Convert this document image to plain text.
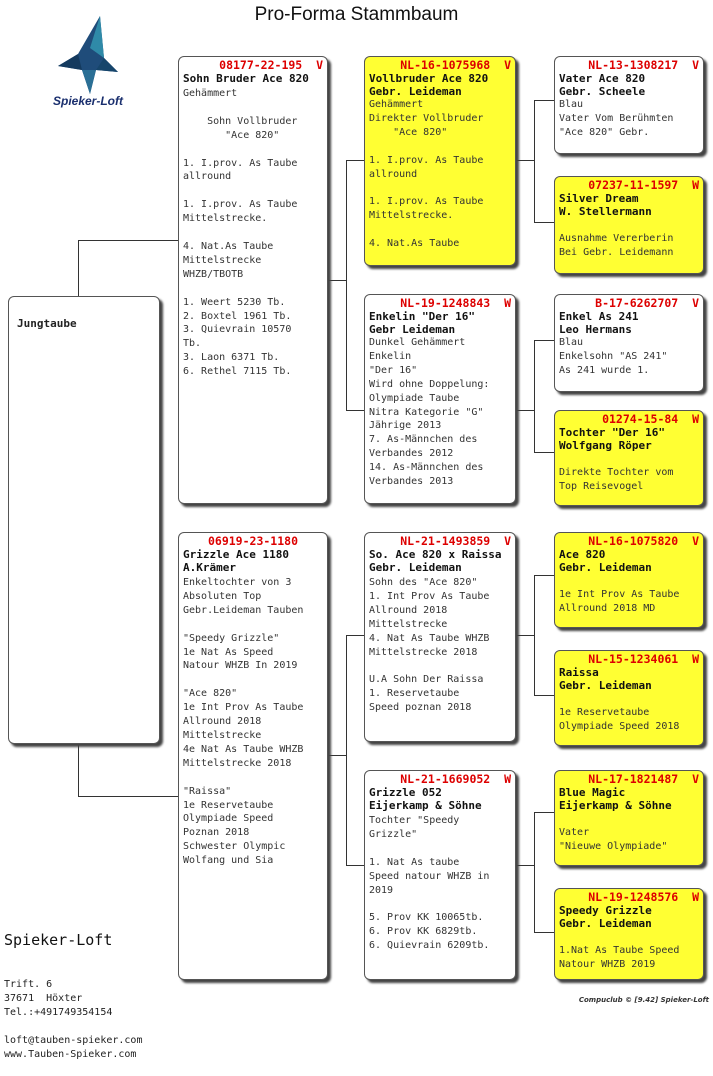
Pro-Forma Stammbaum
Spieker-Loft
Jungtaube
08177-22-195  V
Sohn Bruder Ace 820
Gehämmert

Sohn Vollbruder
"Ace 820"

1. I.prov. As Taube
allround

1. I.prov. As Taube
Mittelstrecke.

4. Nat.As Taube
Mittelstrecke
WHZB/TBOTB

1. Weert 5230 Tb.
2. Boxtel 1961 Tb.
3. Quievrain 10570
Tb.
3. Laon 6371 Tb.
6. Rethel 7115 Tb.
06919-23-1180
Grizzle Ace 1180
A.Krämer
Enkeltochter von 3
Absoluten Top
Gebr.Leideman Tauben

"Speedy Grizzle"
1e Nat As Speed
Natour WHZB In 2019

"Ace 820"
1e Int Prov As Taube
Allround 2018
Mittelstrecke
4e Nat As Taube WHZB
Mittelstrecke 2018

"Raissa"
1e Reservetaube
Olympiade Speed
Poznan 2018
Schwester Olympic
Wolfang und Sia
NL-16-1075968  V
Vollbruder Ace 820
Gebr. Leideman
Gehämmert
Direkter Vollbruder
"Ace 820"

1. I.prov. As Taube
allround

1. I.prov. As Taube
Mittelstrecke.

4. Nat.As Taube
NL-19-1248843  W
Enkelin "Der 16"
Gebr Leideman
Dunkel Gehämmert
Enkelin
"Der 16"
Wird ohne Doppelung:
Olympiade Taube
Nitra Kategorie "G"
Jährige 2013
7. As-Männchen des
Verbandes 2012
14. As-Männchen des
Verbandes 2013
NL-21-1493859  V
So. Ace 820 x Raissa
Gebr. Leideman
Sohn des "Ace 820"
1. Int Prov As Taube
Allround 2018
Mittelstrecke
4. Nat As Taube WHZB
Mittelstrecke 2018

U.A Sohn Der Raissa
1. Reservetaube
Speed poznan 2018
NL-21-1669052  W
Grizzle 052
Eijerkamp & Söhne
Tochter "Speedy
Grizzle"

1. Nat As taube
Speed natour WHZB in
2019

5. Prov KK 10065tb.
6. Prov KK 6829tb.
6. Quievrain 6209tb.
NL-13-1308217  V
Vater Ace 820
Gebr. Scheele
Blau
Vater Vom Berühmten
"Ace 820" Gebr.
07237-11-1597  W
Silver Dream
W. Stellermann

Ausnahme Vererberin
Bei Gebr. Leidemann
B-17-6262707  V
Enkel As 241
Leo Hermans
Blau
Enkelsohn "AS 241"
As 241 wurde 1.
01274-15-84  W
Tochter "Der 16"
Wolfgang Röper

Direkte Tochter vom
Top Reisevogel
NL-16-1075820  V
Ace 820
Gebr. Leideman

1e Int Prov As Taube
Allround 2018 MD
NL-15-1234061  W
Raissa
Gebr. Leideman

1e Reservetaube
Olympiade Speed 2018
NL-17-1821487  V
Blue Magic
Eijerkamp & Söhne

Vater
"Nieuwe Olympiade"
NL-19-1248576  W
Speedy Grizzle
Gebr. Leideman

1.Nat As Taube Speed
Natour WHZB 2019

Spieker-Loft

Trift. 6
37671  Höxter
Tel.:+491749354154

loft@tauben-spieker.com
www.Tauben-Spieker.com

Compuclub © [9.42] Spieker-Loft
